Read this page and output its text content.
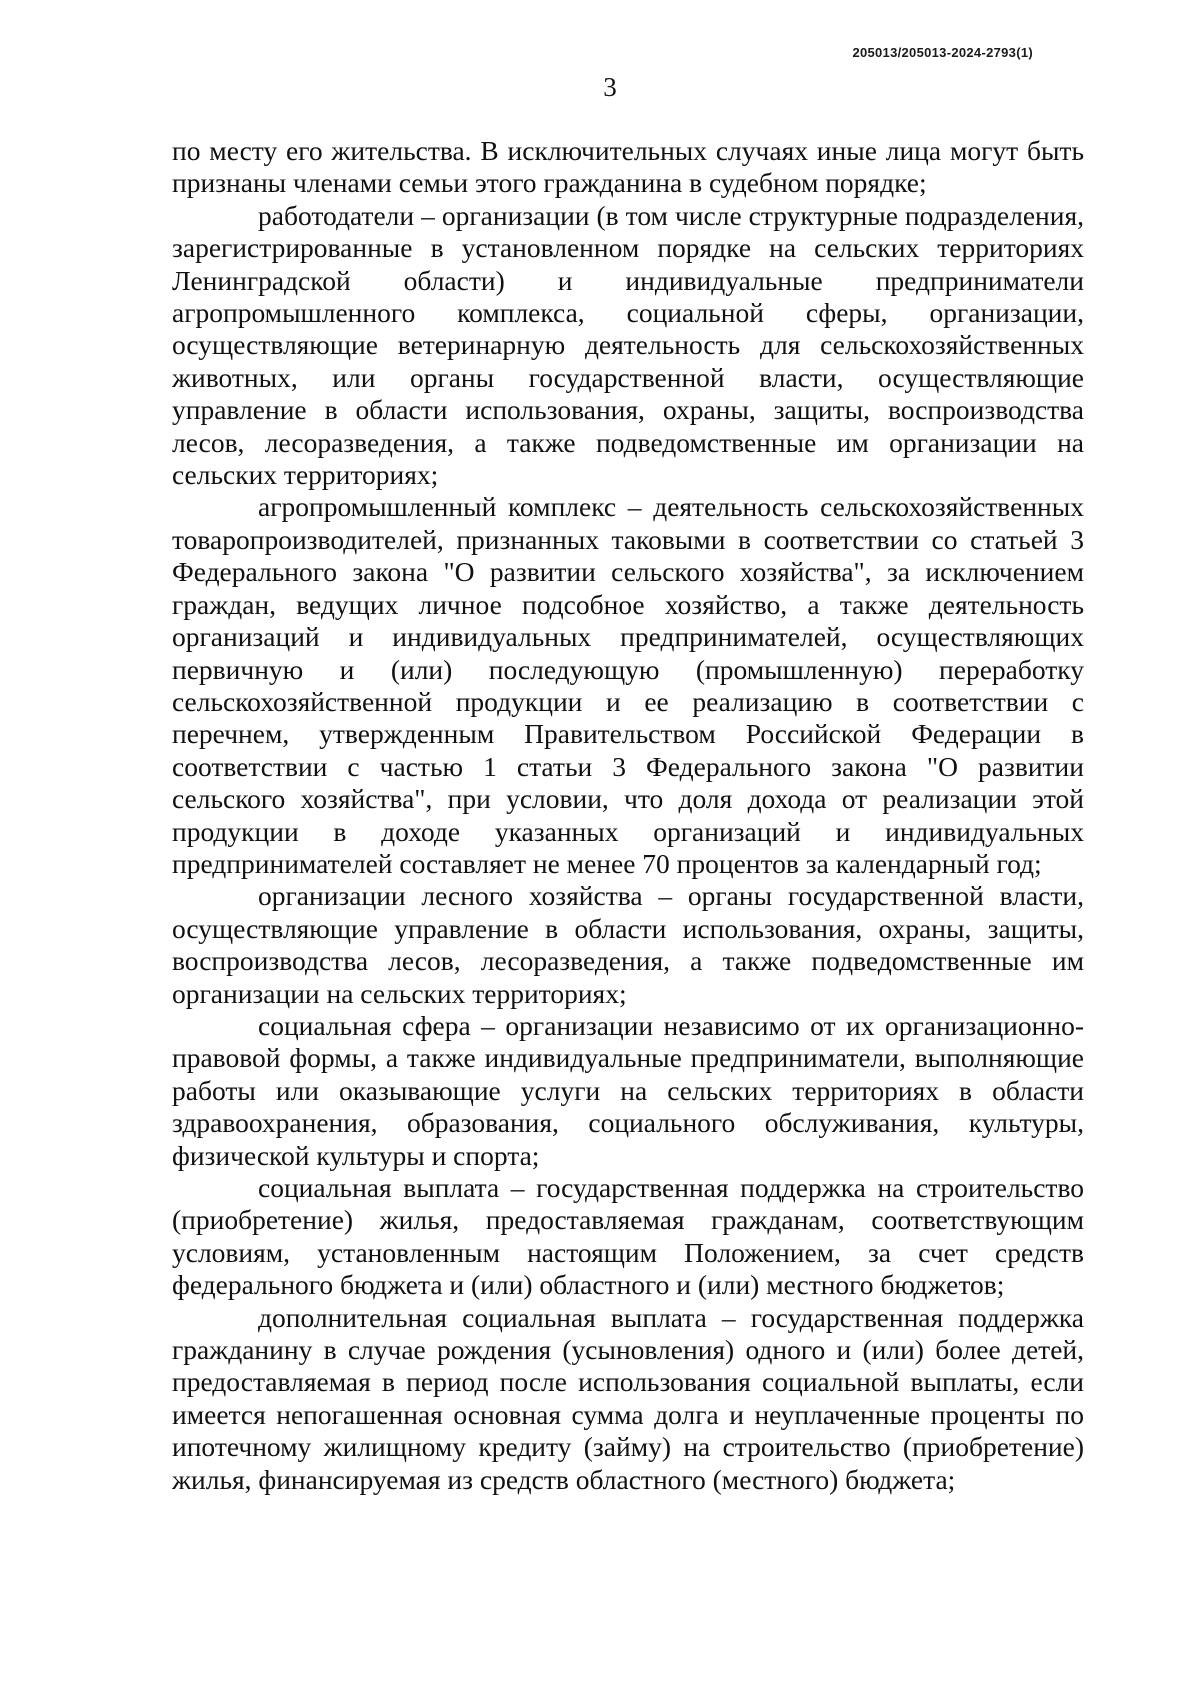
205013/205013-2024-2793(1)
3

по месту его жительства. В исключительных случаях иные лица могут быть признаны членами семьи этого гражданина в судебном порядке;

работодатели – организации (в том числе структурные подразделения, зарегистрированные в установленном порядке на сельских территориях Ленинградской области) и индивидуальные предприниматели агропромышленного комплекса, социальной сферы, организации, осуществляющие ветеринарную деятельность для сельскохозяйственных животных, или органы государственной власти, осуществляющие управление в области использования, охраны, защиты, воспроизводства лесов, лесоразведения, а также подведомственные им организации на сельских территориях;

агропромышленный комплекс – деятельность сельскохозяйственных товаропроизводителей, признанных таковыми в соответствии со статьей 3 Федерального закона "О развитии сельского хозяйства", за исключением граждан, ведущих личное подсобное хозяйство, а также деятельность организаций и индивидуальных предпринимателей, осуществляющих первичную и (или) последующую (промышленную) переработку сельскохозяйственной продукции и ее реализацию в соответствии с перечнем, утвержденным Правительством Российской Федерации в соответствии с частью 1 статьи 3 Федерального закона "О развитии сельского хозяйства", при условии, что доля дохода от реализации этой продукции в доходе указанных организаций и индивидуальных предпринимателей составляет не менее 70 процентов за календарный год;

организации лесного хозяйства – органы государственной власти, осуществляющие управление в области использования, охраны, защиты, воспроизводства лесов, лесоразведения, а также подведомственные им организации на сельских территориях;

социальная сфера – организации независимо от их организационно-правовой формы, а также индивидуальные предприниматели, выполняющие работы или оказывающие услуги на сельских территориях в области здравоохранения, образования, социального обслуживания, культуры, физической культуры и спорта;

социальная выплата – государственная поддержка на строительство (приобретение) жилья, предоставляемая гражданам, соответствующим условиям, установленным настоящим Положением, за счет средств федерального бюджета и (или) областного и (или) местного бюджетов;

дополнительная социальная выплата – государственная поддержка гражданину в случае рождения (усыновления) одного и (или) более детей, предоставляемая в период после использования социальной выплаты, если имеется непогашенная основная сумма долга и неуплаченные проценты по ипотечному жилищному кредиту (займу) на строительство (приобретение) жилья, финансируемая из средств областного (местного) бюджета;
